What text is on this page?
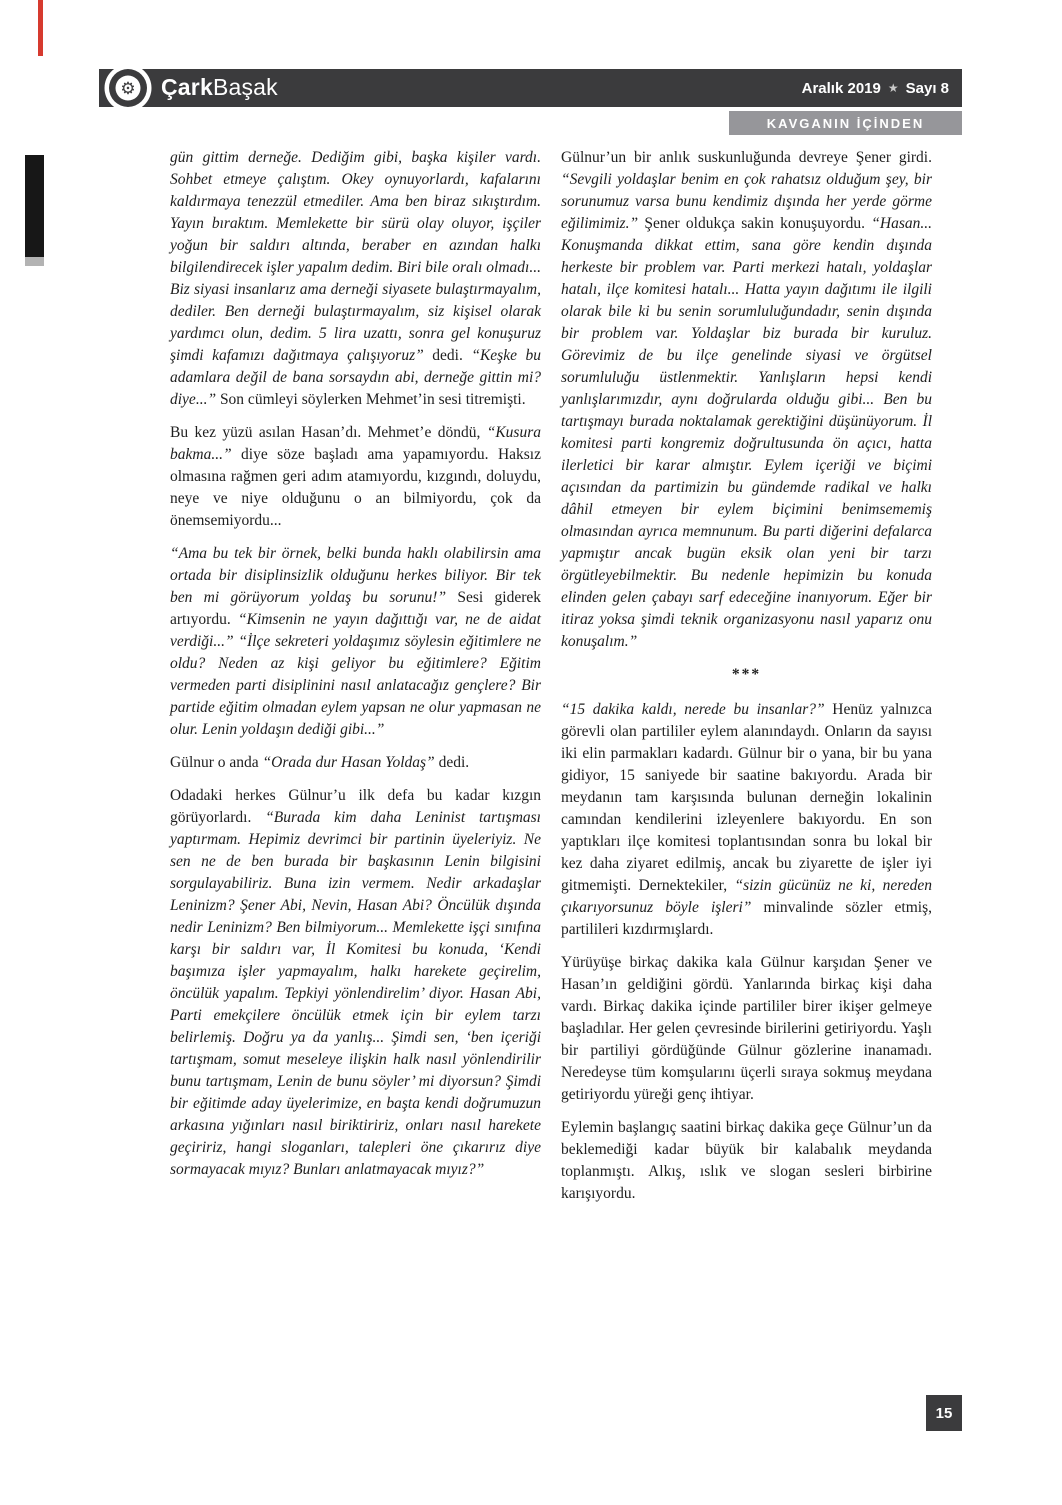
⚙ ÇarkBaşak	Aralık 2019 ★ Sayı 8
KAVGANIN İÇİNDEN

gün gittim derneğe. Dediğim gibi, başka kişiler vardı. Sohbet etmeye çalıştım. Okey oynuyorlardı, kafalarını kaldırmaya tenezzül etmediler. Ama ben biraz sıkıştırdım. Yayın bıraktım. Memlekette bir sürü olay oluyor, işçiler yoğun bir saldırı altında, beraber en azından halkı bilgilendirecek işler yapalım dedim. Biri bile oralı olmadı... Biz siyasi insanlarız ama derneği siyasete bulaştırmayalım, dediler. Ben derneği bulaştırmayalım, siz kişisel olarak yardımcı olun, dedim. 5 lira uzattı, sonra gel konuşuruz şimdi kafamızı dağıtmaya çalışıyoruz” dedi. “Keşke bu adamlara değil de bana sorsaydın abi, derneğe gittin mi? diye...” Son cümleyi söylerken Mehmet’in sesi titremişti.

Bu kez yüzü asılan Hasan’dı. Mehmet’e döndü, “Kusura bakma...” diye söze başladı ama yapamıyordu. Haksız olmasına rağmen geri adım atamıyordu, kızgındı, doluydu, neye ve niye olduğunu o an bilmiyordu, çok da önemsemiyordu...

“Ama bu tek bir örnek, belki bunda haklı olabilirsin ama ortada bir disiplinsizlik olduğunu herkes biliyor. Bir tek ben mi görüyorum yoldaş bu sorunu!” Sesi giderek artıyordu. “Kimsenin ne yayın dağıttığı var, ne de aidat verdiği...” “İlçe sekreteri yoldaşımız söylesin eğitimlere ne oldu? Neden az kişi geliyor bu eğitimlere? Eğitim vermeden parti disiplinini nasıl anlatacağız gençlere? Bir partide eğitim olmadan eylem yapsan ne olur yapmasan ne olur. Lenin yoldaşın dediği gibi...”

Gülnur o anda “Orada dur Hasan Yoldaş” dedi.

Odadaki herkes Gülnur’u ilk defa bu kadar kızgın görüyorlardı. “Burada kim daha Leninist tartışması yaptırmam. Hepimiz devrimci bir partinin üyeleriyiz. Ne sen ne de ben burada bir başkasının Lenin bilgisini sorgulayabiliriz. Buna izin vermem. Nedir arkadaşlar Leninizm? Şener Abi, Nevin, Hasan Abi? Öncülük dışında nedir Leninizm? Ben bilmiyorum... Memlekette işçi sınıfına karşı bir saldırı var, İl Komitesi bu konuda, ‘Kendi başımıza işler yapmayalım, halkı harekete geçirelim, öncülük yapalım. Tepkiyi yönlendirelim’ diyor. Hasan Abi, Parti emekçilere öncülük etmek için bir eylem tarzı belirlemiş. Doğru ya da yanlış... Şimdi sen, ‘ben içeriği tartışmam, somut meseleye ilişkin halk nasıl yönlendirilir bunu tartışmam, Lenin de bunu söyler’ mi diyorsun? Şimdi bir eğitimde aday üyelerimize, en başta kendi doğrumuzun arkasına yığınları nasıl biriktiririz, onları nasıl harekete geçiririz, hangi sloganları, talepleri öne çıkarırız diye sormayacak mıyız? Bunları anlatmayacak mıyız?”

Gülnur’un bir anlık suskunluğunda devreye Şener girdi. “Sevgili yoldaşlar benim en çok rahatsız olduğum şey, bir sorunumuz varsa bunu kendimiz dışında her yerde görme eğilimimiz.” Şener oldukça sakin konuşuyordu. “Hasan... Konuşmanda dikkat ettim, sana göre kendin dışında herkeste bir problem var. Parti merkezi hatalı, yoldaşlar hatalı, ilçe komitesi hatalı... Hatta yayın dağıtımı ile ilgili olarak bile ki bu senin sorumluluğundadır, senin dışında bir problem var. Yoldaşlar biz burada bir kuruluz. Görevimiz de bu ilçe genelinde siyasi ve örgütsel sorumluluğu üstlenmektir. Yanlışların hepsi kendi yanlışlarımızdır, aynı doğrularda olduğu gibi... Ben bu tartışmayı burada noktalamak gerektiğini düşünüyorum. İl komitesi parti kongremiz doğrultusunda ön açıcı, hatta ilerletici bir karar almıştır. Eylem içeriği ve biçimi açısından da partimizin bu gündemde radikal ve halkı dâhil etmeyen bir eylem biçimini benimsememiş olmasından ayrıca memnunum. Bu parti diğerini defalarca yapmıştır ancak bugün eksik olan yeni bir tarzı örgütleyebilmektir. Bu nedenle hepimizin bu konuda elinden gelen çabayı sarf edeceğine inanıyorum. Eğer bir itiraz yoksa şimdi teknik organizasyonu nasıl yaparız onu konuşalım.”

***

“15 dakika kaldı, nerede bu insanlar?” Henüz yalnızca görevli olan partililer eylem alanındaydı. Onların da sayısı iki elin parmakları kadardı. Gülnur bir o yana, bir bu yana gidiyor, 15 saniyede bir saatine bakıyordu. Arada bir meydanın tam karşısında bulunan derneğin lokalinin camından kendilerini izleyenlere bakıyordu. En son yaptıkları ilçe komitesi toplantısından sonra bu lokal bir kez daha ziyaret edilmiş, ancak bu ziyarette de işler iyi gitmemişti. Dernektekiler, “sizin gücünüz ne ki, nereden çıkarıyorsunuz böyle işleri” minvalinde sözler etmiş, partilileri kızdırmışlardı.

Yürüyüşe birkaç dakika kala Gülnur karşıdan Şener ve Hasan’ın geldiğini gördü. Yanlarında birkaç kişi daha vardı. Birkaç dakika içinde partililer birer ikişer gelmeye başladılar. Her gelen çevresinde birilerini getiriyordu. Yaşlı bir partiliyi gördüğünde Gülnur gözlerine inanamadı. Neredeyse tüm komşularını üçerli sıraya sokmuş meydana getiriyordu yüreği genç ihtiyar.

Eylemin başlangıç saatini birkaç dakika geçe Gülnur’un da beklemediği kadar büyük bir kalabalık meydanda toplanmıştı. Alkış, ıslık ve slogan sesleri birbirine karışıyordu.

15
